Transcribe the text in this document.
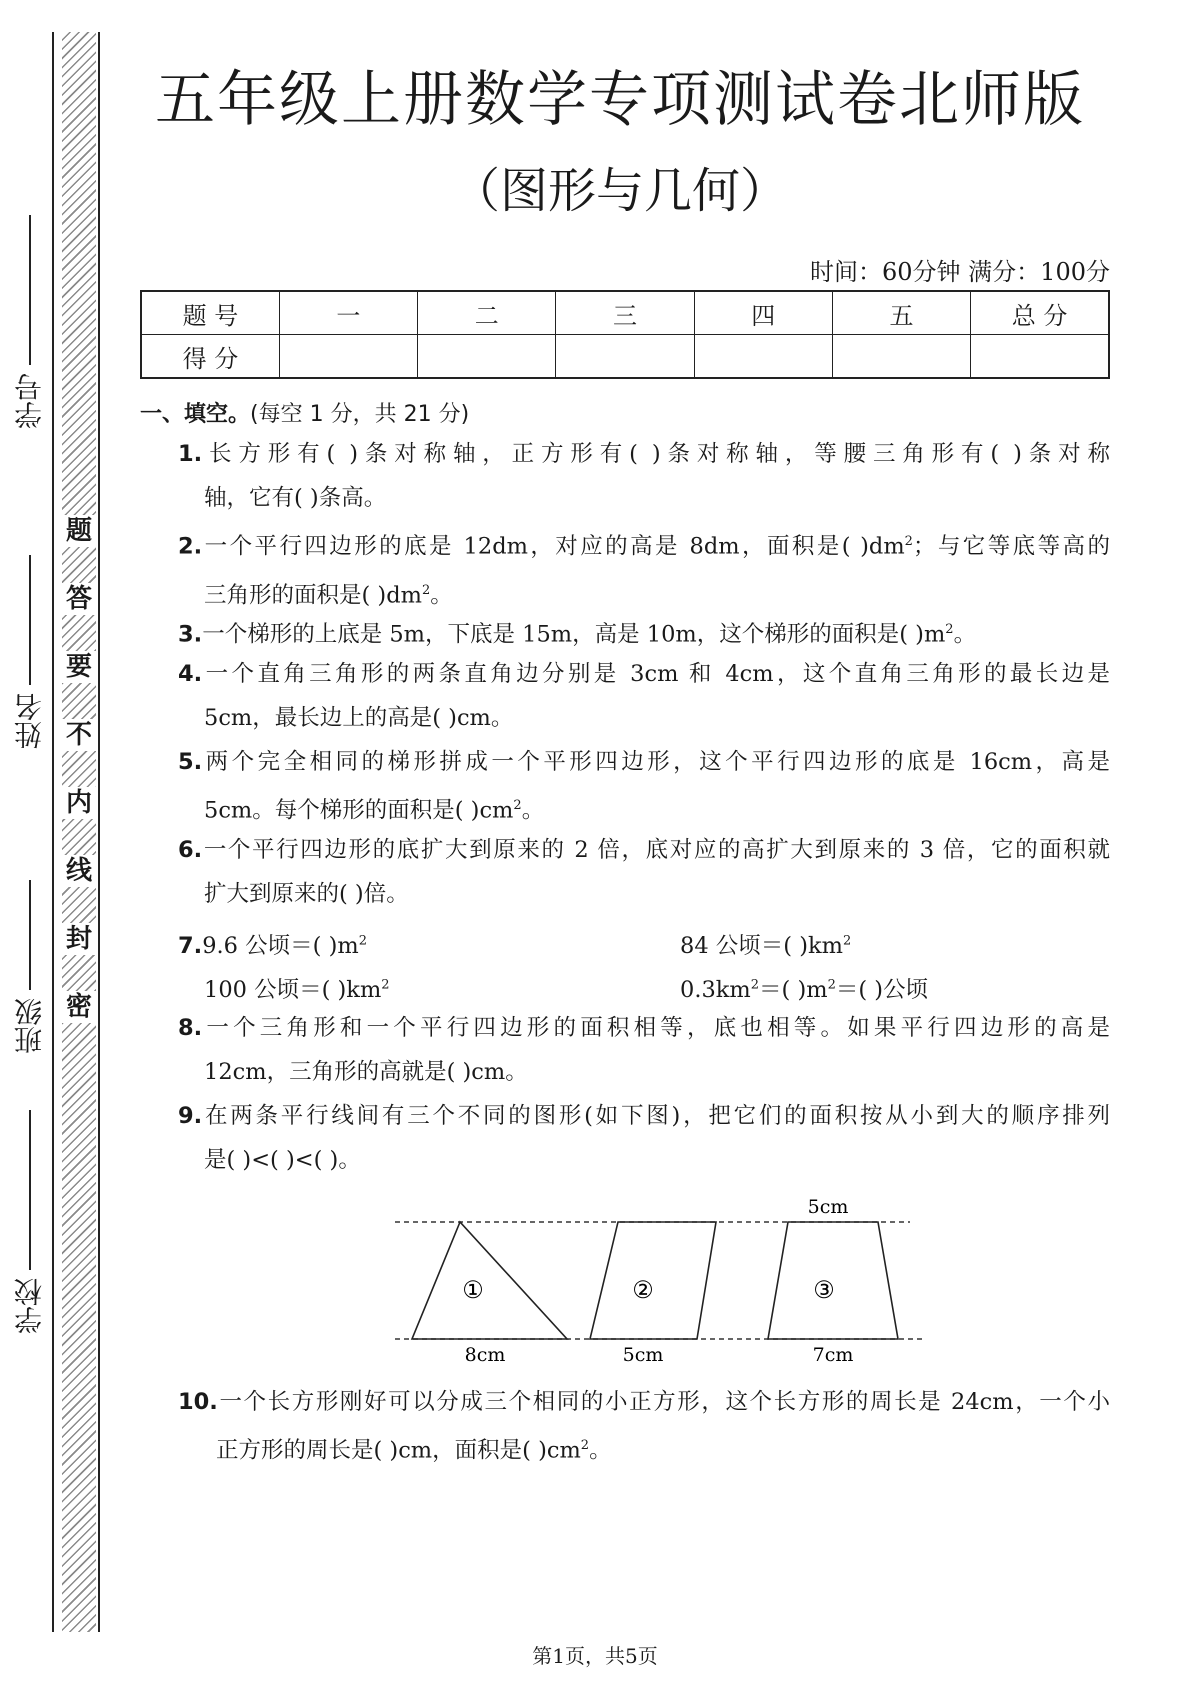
学号
姓名
班级
学校
题
答
要
不
内
线
封
密
五年级上册数学专项测试卷北师版
（图形与几何）
时间：60分钟 满分：100分
题 号	一	二	三	四	五	总 分
得 分						
一、填空。(每空 1 分，共 21 分)
1.长方形有( )条对称轴，正方形有( )条对称轴，等腰三角形有( )条对称
轴，它有( )条高。
2.一个平行四边形的底是 12dm，对应的高是 8dm，面积是( )$dm^2$；与它等底等高的
三角形的面积是( )$dm^2$。
3.一个梯形的上底是 5m，下底是 15m，高是 10m，这个梯形的面积是( )$m^2$。
4.一个直角三角形的两条直角边分别是 3cm 和 4cm，这个直角三角形的最长边是
5cm，最长边上的高是( )cm。
5.两个完全相同的梯形拼成一个平形四边形，这个平行四边形的底是 16cm，高是
5cm。每个梯形的面积是( )$cm^2$。
6.一个平行四边形的底扩大到原来的 2 倍，底对应的高扩大到原来的 3 倍，它的面积就
扩大到原来的( )倍。
7.9.6 公顷＝( )$m^2$	84 公顷＝( )$km^2$
100 公顷＝( )$km^2$	$0.3km^2=$( )$m^2=$( )公顷
8.一个三角形和一个平行四边形的面积相等，底也相等。如果平行四边形的高是
12cm，三角形的高就是( )cm。
9.在两条平行线间有三个不同的图形(如下图)，把它们的面积按从小到大的顺序排列
是( )<( )<( )。
①	②	③
5cm
8cm	5cm	7cm
10.一个长方形刚好可以分成三个相同的小正方形，这个长方形的周长是 24cm，一个小
正方形的周长是( )cm，面积是( )$cm^2$。
第1页，共5页
